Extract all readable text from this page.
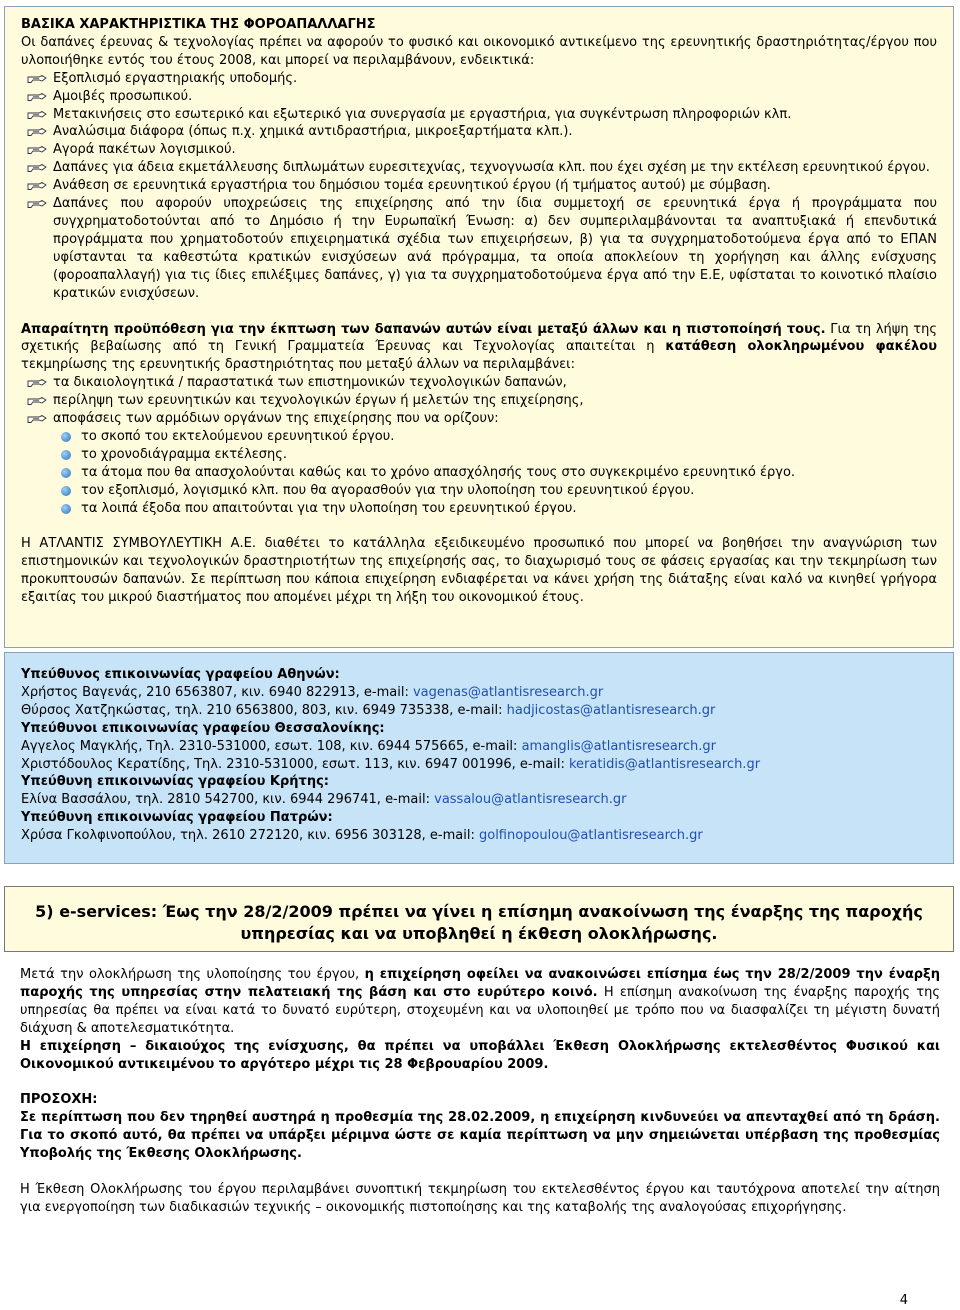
ΒΑΣΙΚΑ ΧΑΡΑΚΤΗΡΙΣΤΙΚΑ ΤΗΣ ΦΟΡΟΑΠΑΛΛΑΓΗΣ

Οι δαπάνες έρευνας & τεχνολογίας πρέπει να αφορούν το φυσικό και οικονομικό αντικείμενο της ερευνητικής δραστηριότητας/έργου που υλοποιήθηκε εντός του έτους 2008, και μπορεί να περιλαμβάνουν, ενδεικτικά:

Εξοπλισμό εργαστηριακής υποδομής.
Αμοιβές προσωπικού.
Μετακινήσεις στο εσωτερικό και εξωτερικό για συνεργασία με εργαστήρια, για συγκέντρωση πληροφοριών κλπ.
Αναλώσιμα διάφορα (όπως π.χ. χημικά αντιδραστήρια, μικροεξαρτήματα κλπ.).
Αγορά πακέτων λογισμικού.
Δαπάνες για άδεια εκμετάλλευσης διπλωμάτων ευρεσιτεχνίας, τεχνογνωσία κλπ. που έχει σχέση με την εκτέλεση ερευνητικού έργου.
Ανάθεση σε ερευνητικά εργαστήρια του δημόσιου τομέα ερευνητικού έργου (ή τμήματος αυτού) με σύμβαση.
Δαπάνες που αφορούν υποχρεώσεις της επιχείρησης από την ίδια συμμετοχή σε ερευνητικά έργα ή προγράμματα που συγχρηματοδοτούνται από το Δημόσιο ή την Ευρωπαϊκή Ένωση: α) δεν συμπεριλαμβάνονται τα αναπτυξιακά ή επενδυτικά προγράμματα που χρηματοδοτούν επιχειρηματικά σχέδια των επιχειρήσεων, β) για τα συγχρηματοδοτούμενα έργα από το ΕΠΑΝ υφίστανται τα καθεστώτα κρατικών ενισχύσεων ανά πρόγραμμα, τα οποία αποκλείουν τη χορήγηση και άλλης ενίσχυσης (φοροαπαλλαγή) για τις ίδιες επιλέξιμες δαπάνες, γ) για τα συγχρηματοδοτούμενα έργα από την Ε.Ε, υφίσταται το κοινοτικό πλαίσιο κρατικών ενισχύσεων.

Απαραίτητη προϋπόθεση για την έκπτωση των δαπανών αυτών είναι μεταξύ άλλων και η πιστοποίησή τους. Για τη λήψη της σχετικής βεβαίωσης από τη Γενική Γραμματεία Έρευνας και Τεχνολογίας απαιτείται η κατάθεση ολοκληρωμένου φακέλου τεκμηρίωσης της ερευνητικής δραστηριότητας που μεταξύ άλλων να περιλαμβάνει:

τα δικαιολογητικά / παραστατικά των επιστημονικών τεχνολογικών δαπανών,
περίληψη των ερευνητικών και τεχνολογικών έργων ή μελετών της επιχείρησης,
αποφάσεις των αρμόδιων οργάνων της επιχείρησης που να ορίζουν:
το σκοπό του εκτελούμενου ερευνητικού έργου.
το χρονοδιάγραμμα εκτέλεσης.
τα άτομα που θα απασχολούνται καθώς και το χρόνο απασχόλησής τους στο συγκεκριμένο ερευνητικό έργο.
τον εξοπλισμό, λογισμικό κλπ. που θα αγορασθούν για την υλοποίηση του ερευνητικού έργου.
τα λοιπά έξοδα που απαιτούνται για την υλοποίηση του ερευνητικού έργου.

Η ΑΤΛΑΝΤΙΣ ΣΥΜΒΟΥΛΕΥΤΙΚΗ Α.Ε. διαθέτει το κατάλληλα εξειδικευμένο προσωπικό που μπορεί να βοηθήσει την αναγνώριση των επιστημονικών και τεχνολογικών δραστηριοτήτων της επιχείρησής σας, το διαχωρισμό τους σε φάσεις εργασίας και την τεκμηρίωση των προκυπτουσών δαπανών. Σε περίπτωση που κάποια επιχείρηση ενδιαφέρεται να κάνει χρήση της διάταξης είναι καλό να κινηθεί γρήγορα εξαιτίας του μικρού διαστήματος που απομένει μέχρι τη λήξη του οικονομικού έτους.

Υπεύθυνος επικοινωνίας γραφείου Αθηνών:

Χρήστος Βαγενάς, 210 6563807, κιν. 6940 822913, e-mail: vagenas@atlantisresearch.gr

Θύρσος Χατζηκώστας, τηλ. 210 6563800, 803, κιν. 6949 735338, e-mail: hadjicostas@atlantisresearch.gr

Υπεύθυνοι επικοινωνίας γραφείου Θεσσαλονίκης:

Αγγελος Μαγκλής, Τηλ. 2310-531000, εσωτ. 108, κιν. 6944 575665, e-mail: amanglis@atlantisresearch.gr

Χριστόδουλος Κερατίδης, Τηλ. 2310-531000, εσωτ. 113, κιν. 6947 001996, e-mail: keratidis@atlantisresearch.gr

Υπεύθυνη επικοινωνίας γραφείου Κρήτης:

Ελίνα Βασσάλου, τηλ. 2810 542700, κιν. 6944 296741, e-mail: vassalou@atlantisresearch.gr

Υπεύθυνη επικοινωνίας γραφείου Πατρών:

Χρύσα Γκολφινοπούλου, τηλ. 2610 272120, κιν. 6956 303128, e-mail: golfinopoulou@atlantisresearch.gr

5) e-services: Έως την 28/2/2009 πρέπει να γίνει η επίσημη ανακοίνωση της έναρξης της παροχής υπηρεσίας και να υποβληθεί η έκθεση ολοκλήρωσης.

Μετά την ολοκλήρωση της υλοποίησης του έργου, η επιχείρηση οφείλει να ανακοινώσει επίσημα έως την 28/2/2009 την έναρξη παροχής της υπηρεσίας στην πελατειακή της βάση και στο ευρύτερο κοινό. Η επίσημη ανακοίνωση της έναρξης παροχής της υπηρεσίας θα πρέπει να είναι κατά το δυνατό ευρύτερη, στοχευμένη και να υλοποιηθεί με τρόπο που να διασφαλίζει τη μέγιστη δυνατή διάχυση & αποτελεσματικότητα.

Η επιχείρηση – δικαιούχος της ενίσχυσης, θα πρέπει να υποβάλλει Έκθεση Ολοκλήρωσης εκτελεσθέντος Φυσικού και Οικονομικού αντικειμένου το αργότερο μέχρι τις 28 Φεβρουαρίου 2009.

ΠΡΟΣΟΧΗ:

Σε περίπτωση που δεν τηρηθεί αυστηρά η προθεσμία της 28.02.2009, η επιχείρηση κινδυνεύει να απενταχθεί από τη δράση. Για το σκοπό αυτό, θα πρέπει να υπάρξει μέριμνα ώστε σε καμία περίπτωση να μην σημειώνεται υπέρβαση της προθεσμίας Υποβολής της Έκθεσης Ολοκλήρωσης.

Η Έκθεση Ολοκλήρωσης του έργου περιλαμβάνει συνοπτική τεκμηρίωση του εκτελεσθέντος έργου και ταυτόχρονα αποτελεί την αίτηση για ενεργοποίηση των διαδικασιών τεχνικής – οικονομικής πιστοποίησης και της καταβολής της αναλογούσας επιχορήγησης.

4
